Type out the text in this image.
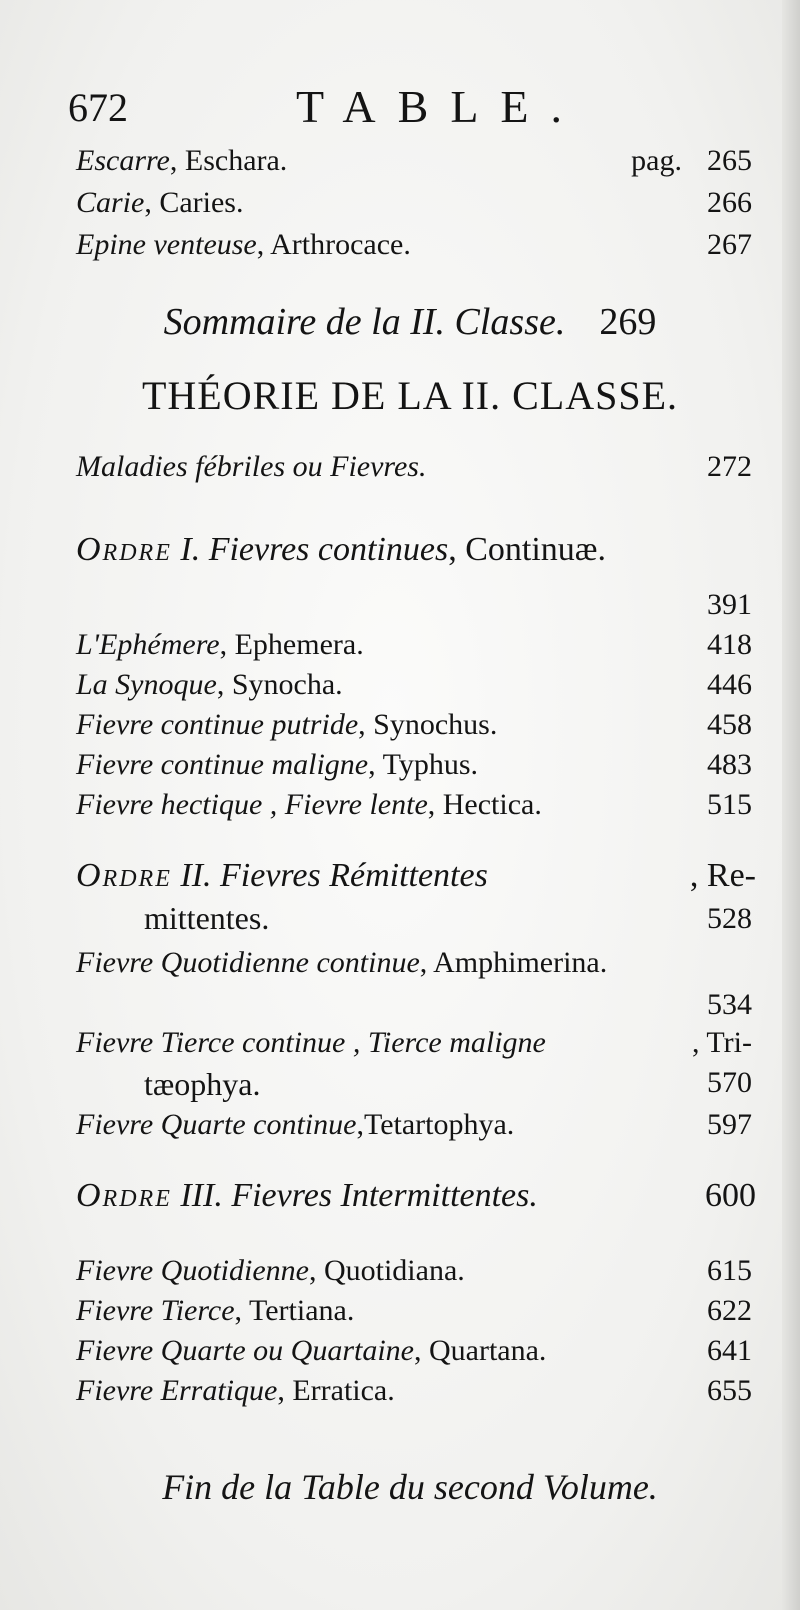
672	TABLE.
Escarre, Eschara.	pag. 265
Carie, Caries.	266
Epine venteuse, Arthrocace.	267
Sommaire de la II. Classe. 269
THÉORIE DE LA II. CLASSE.
Maladies fébriles ou Fievres.	272
Ordre I. Fievres continues, Continuæ.
391
L'Ephémere, Ephemera.	418
La Synoque, Synocha.	446
Fievre continue putride, Synochus.	458
Fievre continue maligne, Typhus.	483
Fievre hectique , Fievre lente, Hectica.	515
Ordre II. Fievres Rémittentes	, Re-
mittentes.	528
Fievre Quotidienne continue, Amphimerina.
534
Fievre Tierce continue , Tierce maligne	, Tri-
tæophya.	570
Fievre Quarte continue,Tetartophya.	597
Ordre III. Fievres Intermittentes.	600
Fievre Quotidienne, Quotidiana.	615
Fievre Tierce, Tertiana.	622
Fievre Quarte ou Quartaine, Quartana.	641
Fievre Erratique, Erratica.	655
Fin de la Table du second Volume.
